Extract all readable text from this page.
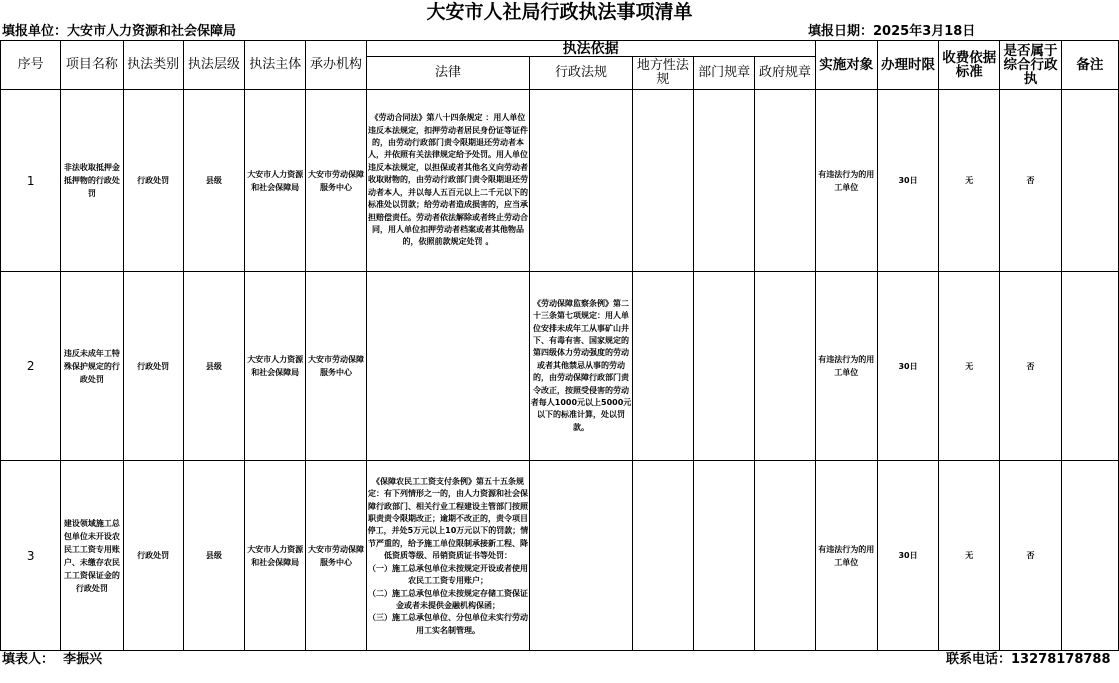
大安市人社局行政执法事项清单
填报单位：大安市人力资源和社会保障局	填报日期：2025年3月18日
序号	项目名称	执法类别	执法层级	执法主体	承办机构	执法依据					实施对象	办理时限	收费依据标准	是否属于综合行政执	备注
						法律	行政法规	地方性法规	部门规章	政府规章					
1	非法收取抵押金抵押物的行政处罚	行政处罚	县级	大安市人力资源和社会保障局	大安市劳动保障服务中心	《劳动合同法》第八十四条规定 ：用人单位违反本法规定，扣押劳动者居民身份证等证件的，由劳动行政部门责令限期退还劳动者本人，并依照有关法律规定给予处罚。用人单位违反本法规定，以担保或者其他名义向劳动者收取财物的，由劳动行政部门责令限期退还劳动者本人，并以每人五百元以上二千元以下的标准处以罚款；给劳动者造成损害的，应当承担赔偿责任。劳动者依法解除或者终止劳动合同，用人单位扣押劳动者档案或者其他物品的，依照前款规定处罚 。					有违法行为的用工单位	30日	无	否	
2	违反未成年工特殊保护规定的行政处罚	行政处罚	县级	大安市人力资源和社会保障局	大安市劳动保障服务中心		《劳动保障监察条例》第二十三条第七项规定：用人单位安排未成年工从事矿山井下、有毒有害、国家规定的第四级体力劳动强度的劳动或者其他禁忌从事的劳动的，由劳动保障行政部门责令改正，按照受侵害的劳动者每人1000元以上5000元以下的标准计算，处以罚款。				有违法行为的用工单位	30日	无	否	
3	建设领域施工总包单位未开设农民工工资专用账户、未缴存农民工工资保证金的行政处罚	行政处罚	县级	大安市人力资源和社会保障局	大安市劳动保障服务中心	《保障农民工工资支付条例》第五十五条规定：有下列情形之一的，由人力资源和社会保障行政部门、相关行业工程建设主管部门按照职责责令限期改正；逾期不改正的，责令项目停工，并处5万元以上10万元以下的罚款；情节严重的，给予施工单位限制承接新工程、降低资质等级、吊销资质证书等处罚：
（一）施工总承包单位未按规定开设或者使用农民工工资专用账户；
（二）施工总承包单位未按规定存储工资保证金或者未提供金融机构保函；
（三）施工总承包单位、分包单位未实行劳动用工实名制管理。					有违法行为的用工单位	30日	无	否	
填表人： 李振兴	联系电话：13278178788
